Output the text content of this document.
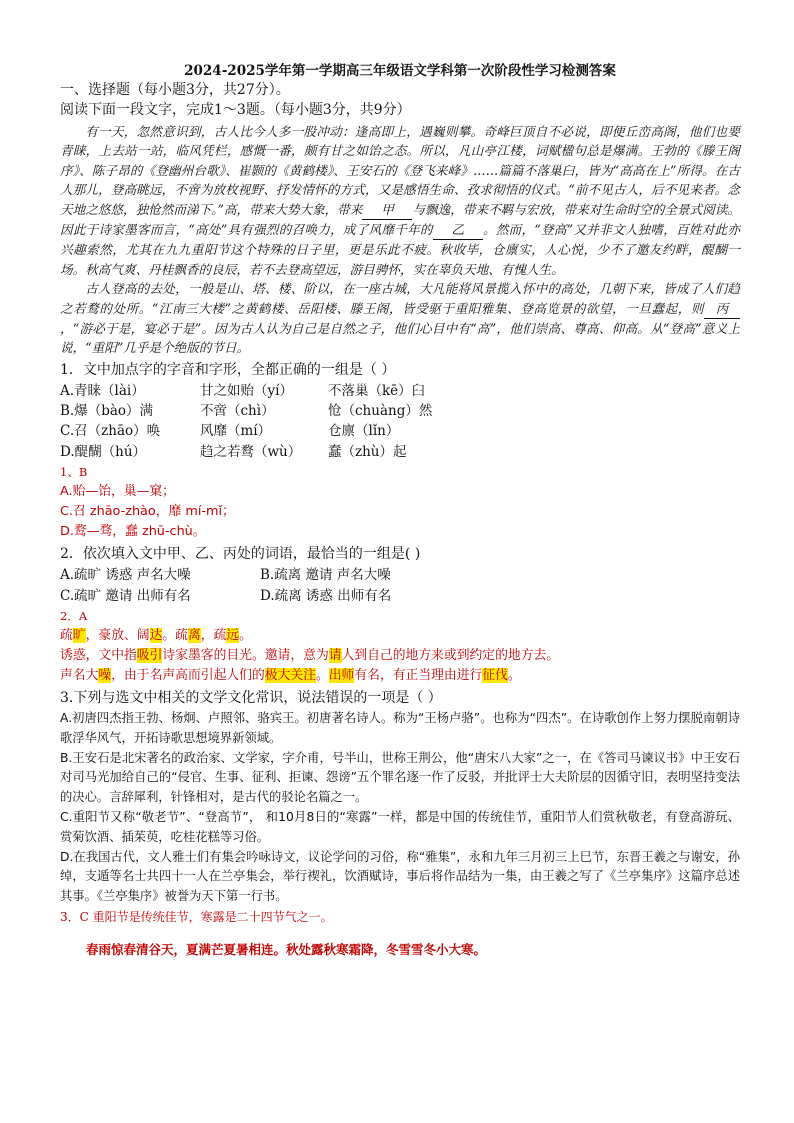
2024-2025学年第一学期高三年级语文学科第一次阶段性学习检测答案

一、选择题（每小题3分，共27分）。

阅读下面一段文字，完成1～3题。（每小题3分，共9分）

有一天，忽然意识到，古人比今人多一股冲动：逢高即上，遇巍则攀。奇峰巨顶自不必说，即便丘峦高阁，他们也要青睐，上去站一站，临风凭栏，感慨一番，颇有甘之如饴之态。所以，凡山亭江楼，词赋楹句总是爆满。王勃的《滕王阁序》、陈子昂的《登幽州台歌》、崔颢的《黄鹤楼》、王安石的《登飞来峰》……篇篇不落巢臼，皆为“高高在上”所得。在古人那儿，登高眺远，不啻为放枚视野、抒发情怀的方式，又是感悟生命、孜求彻悟的仪式。“前不见古人，后不见来者。念天地之悠悠，独怆然而涕下。”高，带来大势大象，带来 甲 与飘逸，带来不羁与宏放，带来对生命时空的全景式阅读。因此于诗家墨客而言，“高处”具有强烈的召唤力，成了风靡千年的 乙 。然而，“登高”又并非文人独嗜，百姓对此亦兴趣索然，尤其在九九重阳节这个特殊的日子里，更是乐此不疲。秋收毕，仓廪实，人心悦，少不了邀友约畔，醍醐一场。秋高气爽、丹桂飘香的良辰，若不去登高望远，游目骋怀，实在辜负天地、有愧人生。

古人登高的去处，一般是山、塔、楼、阶以，在一座古城，大凡能将风景揽入怀中的高处，几朝下来，皆成了人们趋之若鹜的处所。“江南三大楼”之黄鹤楼、岳阳楼、滕王阁，皆受驱于重阳雅集、登高览景的欲望，一旦蠢起，则 丙，“游必于是，宴必于是”。因为古人认为自己是自然之子，他们心目中有“高”，他们崇高、尊高、仰高。从“登高”意义上说，“重阳”几乎是个绝版的节日。

1．文中加点字的字音和字形，全都正确的一组是（ ）

A.青睐（lài）	甘之如贻（yí）	不落巢（kē）臼
B.爆（bào）满	不啻（chì）	怆（chuàng）然
C.召（zhāo）唤	风靡（mí）	仓廪（lǐn）
D.醍醐（hú）	趋之若鹜（wù）	蠢（zhù）起

1、B

A.贻—饴，巢—窠；

C.召 zhāo-zhào，靡 mí-mǐ；

D.鹜—骛，蠢 zhū-chù。

2．依次填入文中甲、乙、丙处的词语，最恰当的一组是( )

A.疏旷 诱惑 声名大噪	B.疏离 邀请 声名大噪
C.疏旷 邀请 出师有名	D.疏离 诱惑 出师有名

2．A

疏旷，豪放、阔达。疏离，疏远。

诱惑，文中指吸引诗家墨客的目光。邀请，意为请人到自己的地方来或到约定的地方去。

声名大噪，由于名声高而引起人们的极大关注。出师有名，有正当理由进行征伐。

3.下列与选文中相关的文学文化常识，说法错误的一项是（ ）

A.初唐四杰指王勃、杨炯、卢照邻、骆宾王。初唐著名诗人。称为“王杨卢骆”。也称为“四杰”。在诗歌创作上努力摆脱南朝诗歌浮华风气，开拓诗歌思想境界新领域。

B.王安石是北宋著名的政治家、文学家，字介甫，号半山，世称王荆公，他“唐宋八大家”之一，在《答司马谏议书》中王安石对司马光加给自己的“侵官、生事、征利、拒谏、怨谤”五个罪名逐一作了反驳，并批评士大夫阶层的因循守旧，表明坚持变法的决心。言辞犀利，针锋相对，是古代的驳论名篇之一。

C.重阳节又称“敬老节”、“登高节”， 和10月8日的“寒露”一样，都是中国的传统佳节，重阳节人们赏秋敬老，有登高游玩、赏菊饮酒、插茱萸，吃桂花糕等习俗。

D.在我国古代，文人雅士们有集会吟咏诗文，议论学问的习俗，称“雅集”，永和九年三月初三上巳节，东晋王羲之与谢安，孙绰，支遁等名士共四十一人在兰亭集会，举行禊礼，饮酒赋诗，事后将作品结为一集，由王羲之写了《兰亭集序》这篇序总述其事。《兰亭集序》被誉为天下第一行书。

3．C 重阳节是传统佳节，寒露是二十四节气之一。

春雨惊春清谷天，夏满芒夏暑相连。秋处露秋寒霜降，冬雪雪冬小大寒。
